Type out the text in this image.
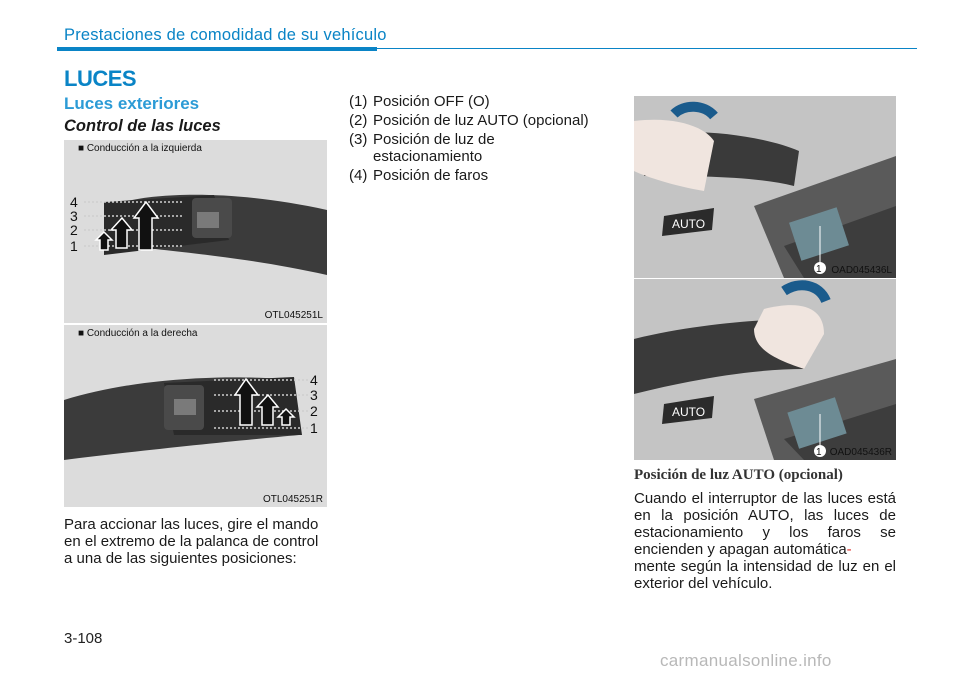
Prestaciones de comodidad de su vehículo
LUCES
Luces exteriores
Control de las luces
■ Conducción a la izquierda
4
3
2
1
OTL045251L
■ Conducción a la derecha
4
3
2
1
OTL045251R
Para accionar las luces, gire el mando en el extremo de la palanca de control a una de las siguientes posiciones:
(1) Posición OFF (O)
(2) Posición de luz AUTO (opcional)
(3) Posición de luz de estacionamiento
(4) Posición de faros
AUTO
1 OAD045436L
AUTO
1 OAD045436R
Posición de luz AUTO (opcional)
Cuando el interruptor de las luces está en la posición AUTO, las luces de estacionamiento y los faros se encienden y apagan automática-
mente según la intensidad de luz en el exterior del vehículo.
3-108
carmanualsonline.info
